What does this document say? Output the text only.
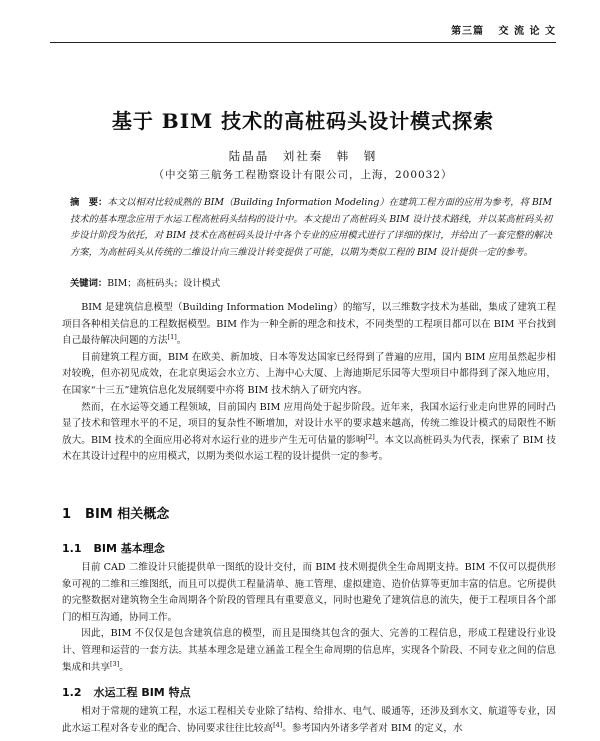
第三篇 交 流 论 文
基于 BIM 技术的高桩码头设计模式探索
陆晶晶　刘社秦　韩　钢
（中交第三航务工程勘察设计有限公司，上海，200032）
摘　要：本文以相对比较成熟的 BIM（Building Information Modeling）在建筑工程方面的应用为参考，将 BIM 技术的基本理念应用于水运工程高桩码头结构的设计中。本文提出了高桩码头 BIM 设计技术路线，并以某高桩码头初步设计阶段为依托，对 BIM 技术在高桩码头设计中各个专业的应用模式进行了详细的探讨，并给出了一套完整的解决方案，为高桩码头从传统的二维设计向三维设计转变提供了可能，以期为类似工程的 BIM 设计提供一定的参考。
关键词：BIM；高桩码头；设计模式

BIM 是建筑信息模型（Building Information Modeling）的缩写，以三维数字技术为基础，集成了建筑工程项目各种相关信息的工程数据模型。BIM 作为一种全新的理念和技术，不同类型的工程项目都可以在 BIM 平台找到自己最待解决问题的方法[1]。

目前建筑工程方面，BIM 在欧美、新加坡、日本等发达国家已经得到了普遍的应用，国内 BIM 应用虽然起步相对较晚，但亦初见成效，在北京奥运会水立方、上海中心大厦、上海迪斯尼乐园等大型项目中都得到了深入地应用，在国家“十三五”建筑信息化发展纲要中亦将 BIM 技术纳入了研究内容。

然而，在水运等交通工程领域，目前国内 BIM 应用尚处于起步阶段。近年来，我国水运行业走向世界的同时凸显了技术和管理水平的不足，项目的复杂性不断增加，对设计水平的要求越来越高，传统二维设计模式的局限性不断放大。BIM 技术的全面应用必将对水运行业的进步产生无可估量的影响[2]。本文以高桩码头为代表，探索了 BIM 技术在其设计过程中的应用模式，以期为类似水运工程的设计提供一定的参考。

1 BIM 相关概念
1.1 BIM 基本理念

目前 CAD 二维设计只能提供单一图纸的设计交付，而 BIM 技术则提供全生命周期支持。BIM 不仅可以提供形象可视的二维和三维图纸，而且可以提供工程量清单、施工管理、虚拟建造、造价估算等更加丰富的信息。它所提供的完整数据对建筑物全生命周期各个阶段的管理具有重要意义，同时也避免了建筑信息的流失，便于工程项目各个部门的相互沟通，协同工作。

因此，BIM 不仅仅是包含建筑信息的模型，而且是围绕其包含的强大、完善的工程信息，形成工程建设行业设计、管理和运营的一套方法。其基本理念是建立涵盖工程全生命周期的信息库，实现各个阶段、不同专业之间的信息集成和共享[3]。

1.2 水运工程 BIM 特点

相对于常规的建筑工程，水运工程相关专业除了结构、给排水、电气、暖通等，还涉及到水文、航道等专业，因此水运工程对各专业的配合、协同要求往往比较高[4]。参考国内外诸多学者对 BIM 的定义，水
